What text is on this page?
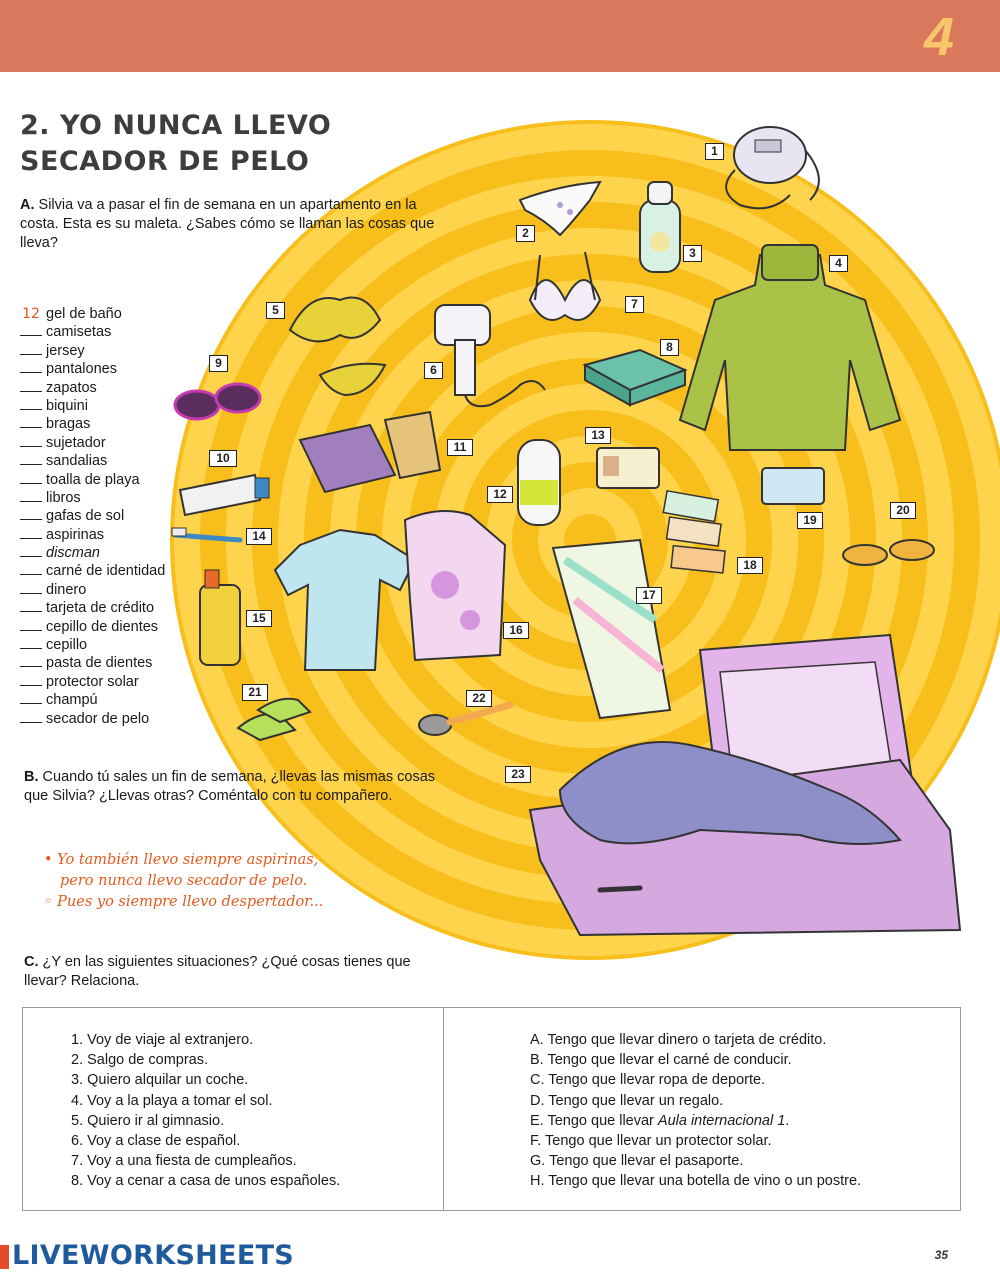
4
2. YO NUNCA LLEVO
SECADOR DE PELO
A. Silvia va a pasar el fin de semana en un apartamento en la costa. Esta es su maleta. ¿Sabes cómo se llaman las cosas que lleva?
12 gel de baño
camisetas
jersey
pantalones
zapatos
biquini
bragas
sujetador
sandalias
toalla de playa
libros
gafas de sol
aspirinas
discman
carné de identidad
dinero
tarjeta de crédito
cepillo de dientes
cepillo
pasta de dientes
protector solar
champú
secador de pelo
1
2
3
4
5
6
7
8
9
10
11
12
13
14
15
16
17
18
19
20
21	22
23
B. Cuando tú sales un fin de semana, ¿llevas las mismas cosas que Silvia? ¿Llevas otras? Coméntalo con tu compañero.
• Yo también llevo siempre aspirinas,
pero nunca llevo secador de pelo.
◦ Pues yo siempre llevo despertador...
C. ¿Y en las siguientes situaciones? ¿Qué cosas tienes que llevar? Relaciona.
1. Voy de viaje al extranjero.
2. Salgo de compras.
3. Quiero alquilar un coche.
4. Voy a la playa a tomar el sol.
5. Quiero ir al gimnasio.
6. Voy a clase de español.
7. Voy a una fiesta de cumpleaños.
8. Voy a cenar a casa de unos españoles.
A. Tengo que llevar dinero o tarjeta de crédito.
B. Tengo que llevar el carné de conducir.
C. Tengo que llevar ropa de deporte.
D. Tengo que llevar un regalo.
E. Tengo que llevar Aula internacional 1.
F. Tengo que llevar un protector solar.
G. Tengo que llevar el pasaporte.
H. Tengo que llevar una botella de vino o un postre.
LIVEWORKSHEETS	35
